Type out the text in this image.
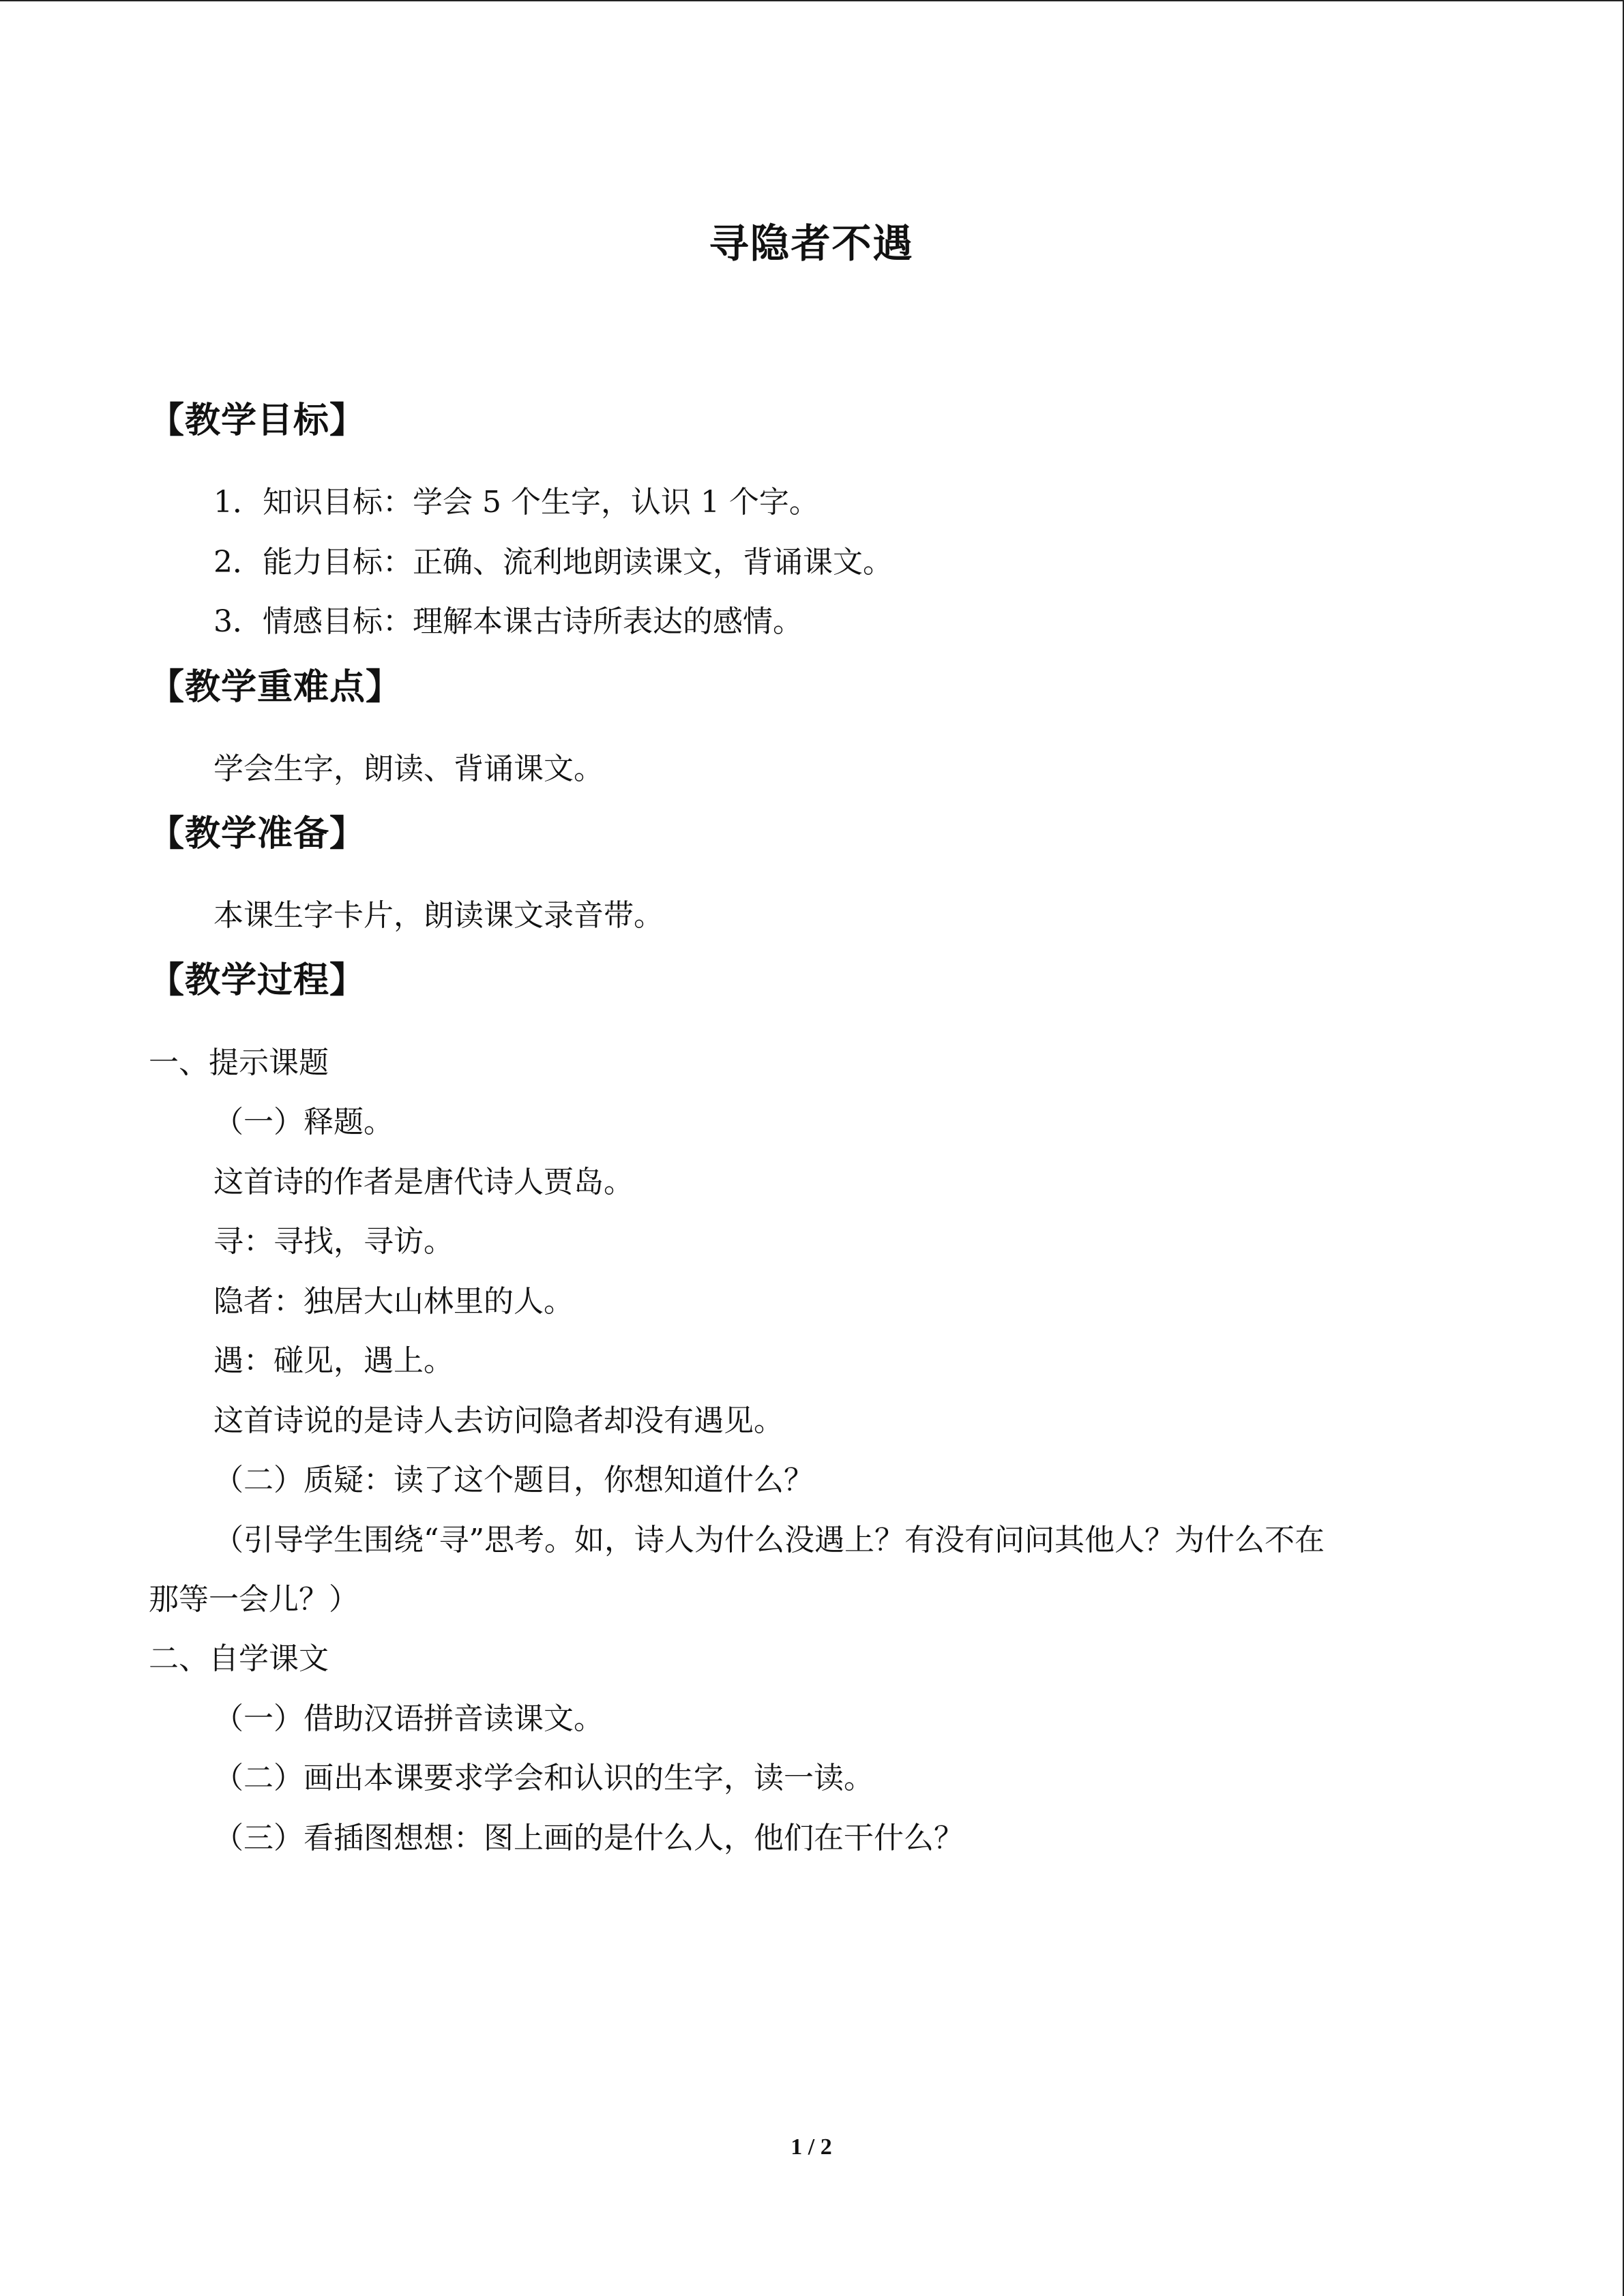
寻隐者不遇
【教学目标】
1．知识目标：学会 5 个生字，认识 1 个字。
2．能力目标：正确、流利地朗读课文，背诵课文。
3．情感目标：理解本课古诗所表达的感情。
【教学重难点】
学会生字，朗读、背诵课文。
【教学准备】
本课生字卡片，朗读课文录音带。
【教学过程】
一、提示课题
（一）释题。
这首诗的作者是唐代诗人贾岛。
寻：寻找，寻访。
隐者：独居大山林里的人。
遇：碰见，遇上。
这首诗说的是诗人去访问隐者却没有遇见。
（二）质疑：读了这个题目，你想知道什么？
（引导学生围绕“寻”思考。如，诗人为什么没遇上？有没有问问其他人？为什么不在
那等一会儿？）
二、自学课文
（一）借助汉语拼音读课文。
（二）画出本课要求学会和认识的生字，读一读。
（三）看插图想想：图上画的是什么人，他们在干什么？
1 / 2
